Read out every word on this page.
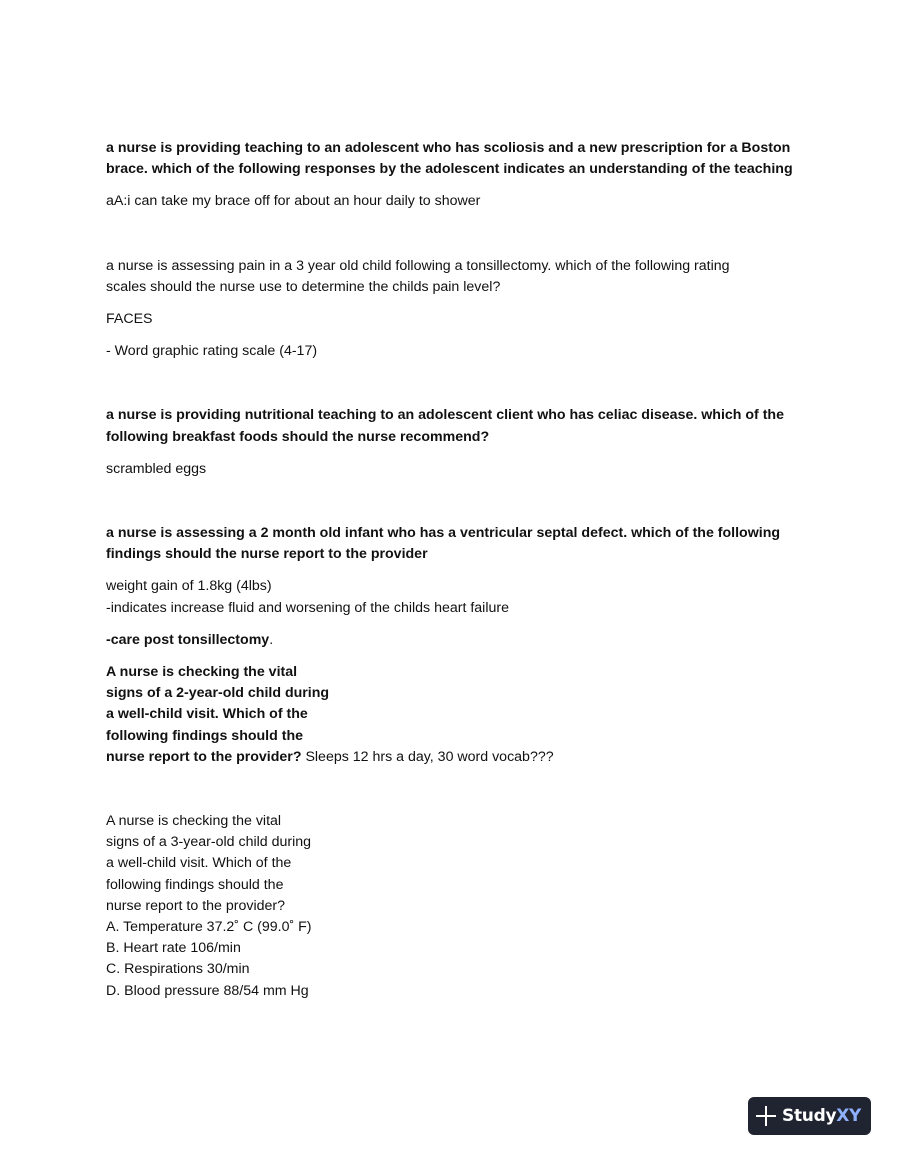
a nurse is providing teaching to an adolescent who has scoliosis and a new prescription for a Boston brace. which of the following responses by the adolescent indicates an understanding of the teaching

aA:i can take my brace off for about an hour daily to shower

a nurse is assessing pain in a 3 year old child following a tonsillectomy. which of the following rating scales should the nurse use to determine the childs pain level?

FACES

- Word graphic rating scale (4-17)

a nurse is providing nutritional teaching to an adolescent client who has celiac disease. which of the following breakfast foods should the nurse recommend?

scrambled eggs

a nurse is assessing a 2 month old infant who has a ventricular septal defect. which of the following findings should the nurse report to the provider

weight gain of 1.8kg (4lbs)
-indicates increase fluid and worsening of the childs heart failure

-care post tonsillectomy.

A nurse is checking the vital
signs of a 2-year-old child during
a well-child visit. Which of the
following findings should the
nurse report to the provider? Sleeps 12 hrs a day, 30 word vocab???

A nurse is checking the vital
signs of a 3-year-old child during
a well-child visit. Which of the
following findings should the
nurse report to the provider?
A. Temperature 37.2˚ C (99.0˚ F)
B. Heart rate 106/min
C. Respirations 30/min
D. Blood pressure 88/54 mm Hg

StudyXY
